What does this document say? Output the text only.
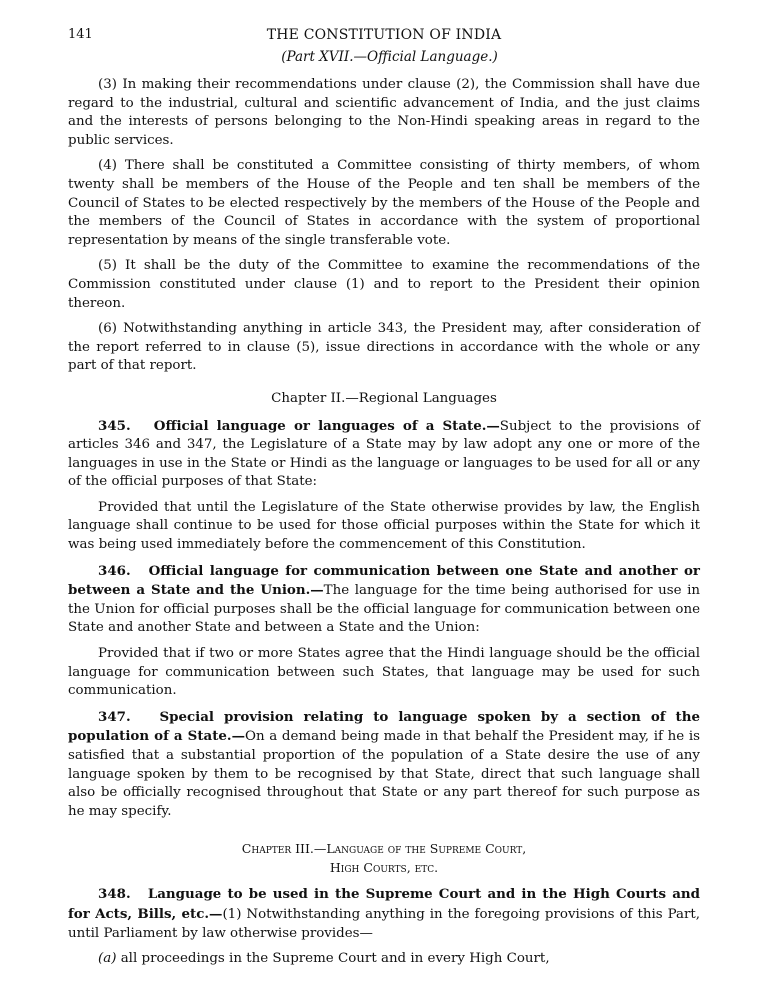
141	THE CONSTITUTION OF INDIA
(Part XVII.—Official Language.)

(3) In making their recommendations under clause (2), the Commission shall have due regard to the industrial, cultural and scientific advancement of India, and the just claims and the interests of persons belonging to the Non-Hindi speaking areas in regard to the public services.

(4) There shall be constituted a Committee consisting of thirty members, of whom twenty shall be members of the House of the People and ten shall be members of the Council of States to be elected respectively by the members of the House of the People and the members of the Council of States in accordance with the system of proportional representation by means of the single transferable vote.

(5) It shall be the duty of the Committee to examine the recommendations of the Commission constituted under clause (1) and to report to the President their opinion thereon.

(6) Notwithstanding anything in article 343, the President may, after consideration of the report referred to in clause (5), issue directions in accordance with the whole or any part of that report.

Chapter II.—Regional Languages

345. Official language or languages of a State.—Subject to the provisions of articles 346 and 347, the Legislature of a State may by law adopt any one or more of the languages in use in the State or Hindi as the language or languages to be used for all or any of the official purposes of that State:

Provided that until the Legislature of the State otherwise provides by law, the English language shall continue to be used for those official purposes within the State for which it was being used immediately before the commencement of this Constitution.

346. Official language for communication between one State and another or between a State and the Union.—The language for the time being authorised for use in the Union for official purposes shall be the official language for communication between one State and another State and between a State and the Union:

Provided that if two or more States agree that the Hindi language should be the official language for communication between such States, that language may be used for such communication.

347. Special provision relating to language spoken by a section of the population of a State.—On a demand being made in that behalf the President may, if he is satisfied that a substantial proportion of the population of a State desire the use of any language spoken by them to be recognised by that State, direct that such language shall also be officially recognised throughout that State or any part thereof for such purpose as he may specify.

Chapter III.—Language of the Supreme Court,
High Courts, etc.

348. Language to be used in the Supreme Court and in the High Courts and for Acts, Bills, etc.—(1) Notwithstanding anything in the foregoing provisions of this Part, until Parliament by law otherwise provides—

(a) all proceedings in the Supreme Court and in every High Court,
